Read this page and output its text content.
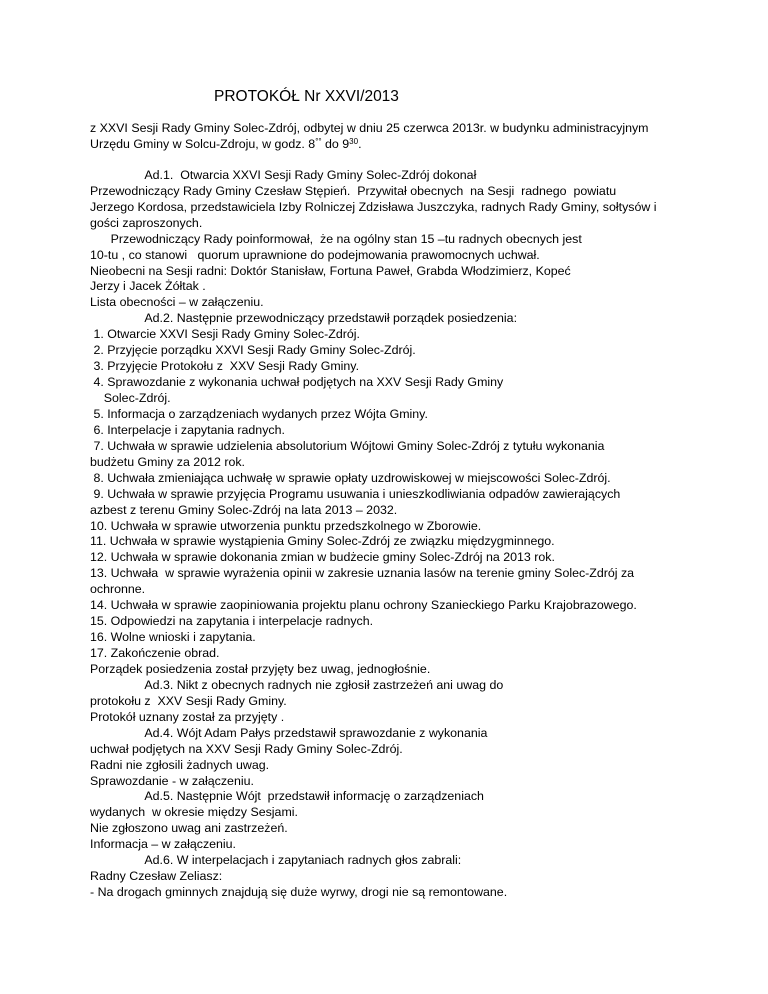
PROTOKÓŁ Nr XXVI/2013
z XXVI Sesji Rady Gminy Solec-Zdrój, odbytej w dniu 25 czerwca 2013r. w budynku administracyjnym
Urzędu Gminy w Solcu-Zdroju, w godz. 8°° do $9^{30}$.
Ad.1.  Otwarcia XXVI Sesji Rady Gminy Solec-Zdrój dokonał
Przewodniczący Rady Gminy Czesław Stępień.  Przywitał obecnych  na Sesji  radnego  powiatu
Jerzego Kordosa, przedstawiciela Izby Rolniczej Zdzisława Juszczyka, radnych Rady Gminy, sołtysów i
gości zaproszonych.
Przewodniczący Rady poinformował,  że na ogólny stan 15 –tu radnych obecnych jest
10-tu , co stanowi   quorum uprawnione do podejmowania prawomocnych uchwał.
Nieobecni na Sesji radni: Doktór Stanisław, Fortuna Paweł, Grabda Włodzimierz, Kopeć
Jerzy i Jacek Żółtak .
Lista obecności – w załączeniu.
Ad.2. Następnie przewodniczący przedstawił porządek posiedzenia:
1. Otwarcie XXVI Sesji Rady Gminy Solec-Zdrój.
2. Przyjęcie porządku XXVI Sesji Rady Gminy Solec-Zdrój.
3. Przyjęcie Protokołu z  XXV Sesji Rady Gminy.
4. Sprawozdanie z wykonania uchwał podjętych na XXV Sesji Rady Gminy
Solec-Zdrój.
5. Informacja o zarządzeniach wydanych przez Wójta Gminy.
6. Interpelacje i zapytania radnych.
7. Uchwała w sprawie udzielenia absolutorium Wójtowi Gminy Solec-Zdrój z tytułu wykonania
budżetu Gminy za 2012 rok.
8. Uchwała zmieniająca uchwałę w sprawie opłaty uzdrowiskowej w miejscowości Solec-Zdrój.
9. Uchwała w sprawie przyjęcia Programu usuwania i unieszkodliwiania odpadów zawierających
azbest z terenu Gminy Solec-Zdrój na lata 2013 – 2032.
10. Uchwała w sprawie utworzenia punktu przedszkolnego w Zborowie.
11. Uchwała w sprawie wystąpienia Gminy Solec-Zdrój ze związku międzygminnego.
12. Uchwała w sprawie dokonania zmian w budżecie gminy Solec-Zdrój na 2013 rok.
13. Uchwała  w sprawie wyrażenia opinii w zakresie uznania lasów na terenie gminy Solec-Zdrój za
ochronne.
14. Uchwała w sprawie zaopiniowania projektu planu ochrony Szanieckiego Parku Krajobrazowego.
15. Odpowiedzi na zapytania i interpelacje radnych.
16. Wolne wnioski i zapytania.
17. Zakończenie obrad.
Porządek posiedzenia został przyjęty bez uwag, jednogłośnie.
Ad.3. Nikt z obecnych radnych nie zgłosił zastrzeżeń ani uwag do
protokołu z  XXV Sesji Rady Gminy.
Protokół uznany został za przyjęty .
Ad.4. Wójt Adam Pałys przedstawił sprawozdanie z wykonania
uchwał podjętych na XXV Sesji Rady Gminy Solec-Zdrój.
Radni nie zgłosili żadnych uwag.
Sprawozdanie - w załączeniu.
Ad.5. Następnie Wójt  przedstawił informację o zarządzeniach
wydanych  w okresie między Sesjami.
Nie zgłoszono uwag ani zastrzeżeń.
Informacja – w załączeniu.
Ad.6. W interpelacjach i zapytaniach radnych głos zabrali:
Radny Czesław Zeliasz:
- Na drogach gminnych znajdują się duże wyrwy, drogi nie są remontowane.
